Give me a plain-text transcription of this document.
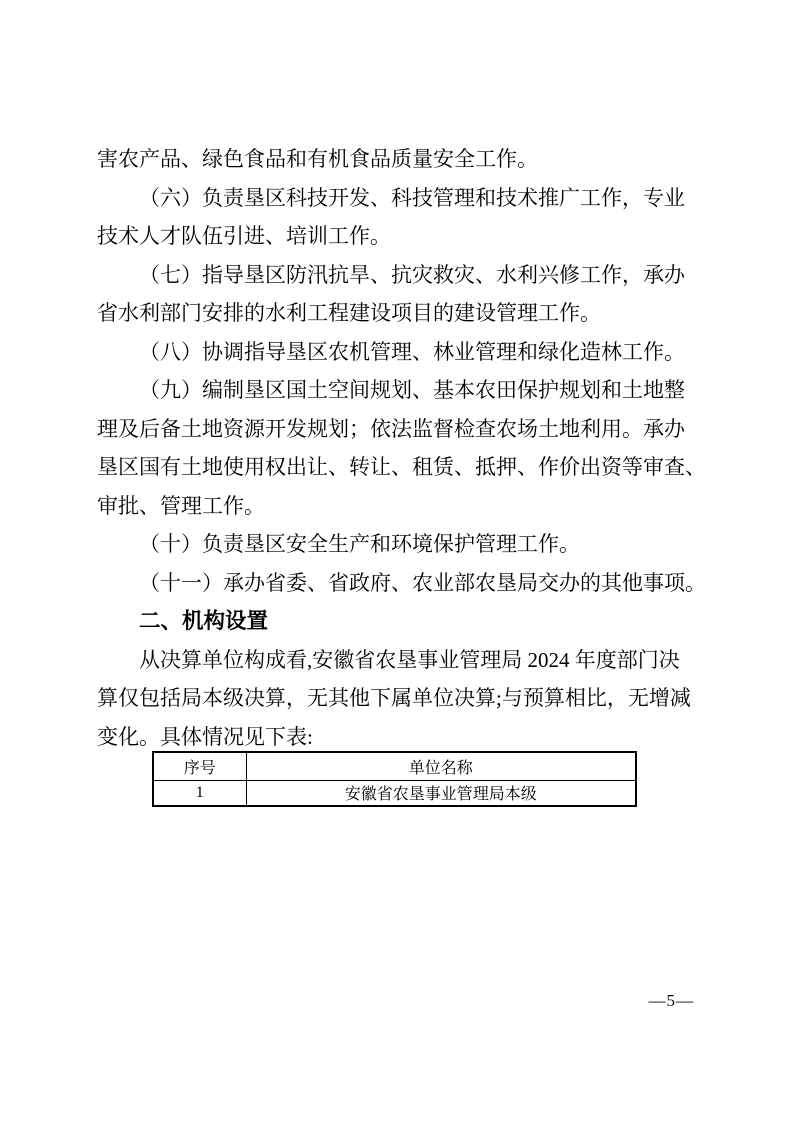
害农产品、绿色食品和有机食品质量安全工作。
（六）负责垦区科技开发、科技管理和技术推广工作，专业
技术人才队伍引进、培训工作。
（七）指导垦区防汛抗旱、抗灾救灾、水利兴修工作，承办
省水利部门安排的水利工程建设项目的建设管理工作。
（八）协调指导垦区农机管理、林业管理和绿化造林工作。
（九）编制垦区国土空间规划、基本农田保护规划和土地整
理及后备土地资源开发规划；依法监督检查农场土地利用。承办
垦区国有土地使用权出让、转让、租赁、抵押、作价出资等审查、
审批、管理工作。
（十）负责垦区安全生产和环境保护管理工作。
（十一）承办省委、省政府、农业部农垦局交办的其他事项。
二、机构设置
从决算单位构成看,安徽省农垦事业管理局 2024 年度部门决
算仅包括局本级决算，无其他下属单位决算;与预算相比，无增减
变化。具体情况见下表:
序号	单位名称
1	安徽省农垦事业管理局本级
—5—
